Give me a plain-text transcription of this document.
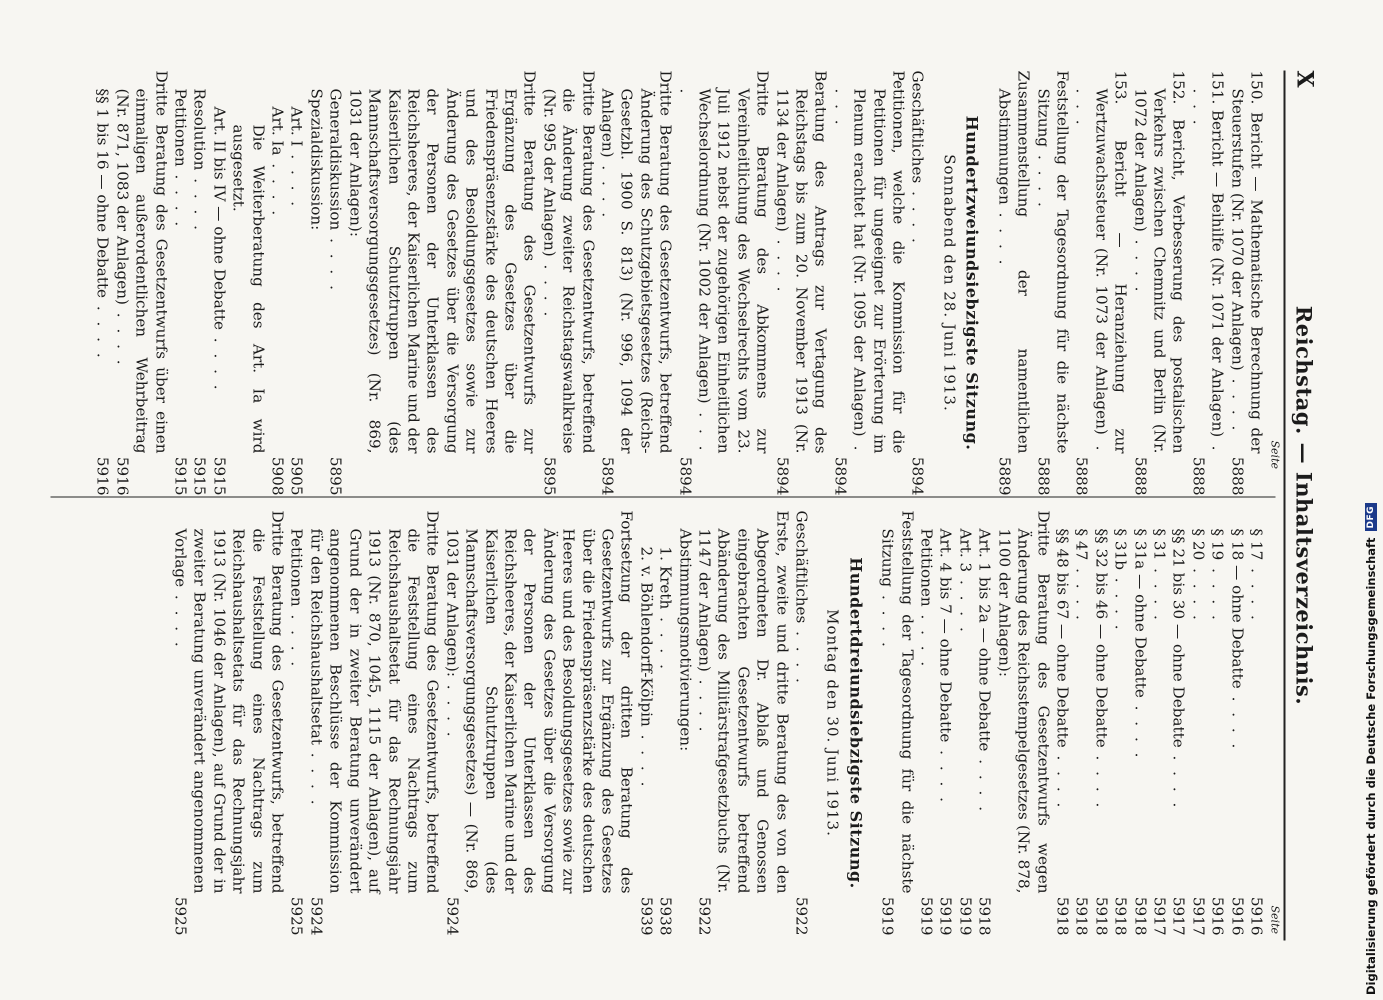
X
Reichstag. — Inhaltsverzeichnis.
Seite
Seite
150. Bericht — Mathematische Berechnung der Steuerstufen (Nr. 1070 der Anlagen) . . . .
5888
151. Bericht — Beihilfe (Nr. 1071 der Anlagen) . . . .
5888
152. Bericht, Verbesserung des postalischen Verkehrs zwischen Chemnitz und Berlin (Nr. 1072 der Anlagen) . . . .
5888
153. Bericht — Heranziehung zur Wertzuwachssteuer (Nr. 1073 der Anlagen) . . . .
5888
Feststellung der Tagesordnung für die nächste Sitzung . . . .
5888
Zusammenstellung der namentlichen Abstimmungen . . . .
5889
Hundertzweiundsiebzigste Sitzung.
Sonnabend den 28. Juni 1913.
Geschäftliches . . . .
5894
Petitionen, welche die Kommission für die Petitionen für ungeeignet zur Erörterung im Plenum erachtet hat (Nr. 1095 der Anlagen) . . . .
5894
Beratung des Antrags zur Vertagung des Reichstags bis zum 20. November 1913 (Nr. 1134 der Anlagen) . . . .
5894
Dritte Beratung des Abkommens zur Vereinheitlichung des Wechselrechts vom 23. Juli 1912 nebst der zugehörigen Einheitlichen Wechselordnung (Nr. 1002 der Anlagen) . . . .
5894
Dritte Beratung des Gesetzentwurfs, betreffend Änderung des Schutzgebietsgesetzes (Reichs-Gesetzbl. 1900 S. 813) (Nr. 996, 1094 der Anlagen) . . . .
5894
Dritte Beratung des Gesetzentwurfs, betreffend die Änderung zweiter Reichstagswahlkreise (Nr. 995 der Anlagen) . . . .
5895
Dritte Beratung des Gesetzentwurfs zur Ergänzung des Gesetzes über die Friedenspräsenzstärke des deutschen Heeres und des Besoldungsgesetzes sowie zur Änderung des Gesetzes über die Versorgung der Personen der Unterklassen des Reichsheeres, der Kaiserlichen Marine und der Kaiserlichen Schutztruppen (des Mannschaftsversorgungsgesetzes) (Nr. 869, 1031 der Anlagen):
Generaldiskussion . . . .
5895
Spezialdiskussion:
Art. I . . . .
5905
Art. Ia . . . .
5908
Die Weiterberatung des Art. Ia wird ausgesetzt.
Art. II bis IV — ohne Debatte . . . .
5915
Resolution . . . .
5915
Petitionen . . . .
5915
Dritte Beratung des Gesetzentwurfs über einen einmaligen außerordentlichen Wehrbeitrag (Nr. 871, 1083 der Anlagen) . . . .
5916
§§ 1 bis 16 — ohne Debatte . . . .
5916
§ 17 . . . .
5916
§ 18 — ohne Debatte . . . .
5916
§ 19 . . . .
5916
§ 20 . . . .
5917
§§ 21 bis 30 — ohne Debatte . . . .
5917
§ 31 . . . .
5917
§ 31a — ohne Debatte . . . .
5918
§ 31b . . . .
5918
§§ 32 bis 46 — ohne Debatte . . . .
5918
§ 47 . . . .
5918
§§ 48 bis 67 — ohne Debatte . . . .
5918
Dritte Beratung des Gesetzentwurfs wegen Änderung des Reichsstempelgesetzes (Nr. 878, 1100 der Anlagen):
Art. 1 bis 2a — ohne Debatte . . . .
5918
Art. 3 . . . .
5919
Art. 4 bis 7 — ohne Debatte . . . .
5919
Petitionen . . . .
5919
Feststellung der Tagesordnung für die nächste Sitzung . . . .
5919
Hundertdreiundsiebzigste Sitzung.
Montag den 30. Juni 1913.
Geschäftliches . . . .
5922
Erste, zweite und dritte Beratung des von den Abgeordneten Dr. Ablaß und Genossen eingebrachten Gesetzentwurfs betreffend Abänderung des Militärstrafgesetzbuchs (Nr. 1147 der Anlagen) . . . .
5922
Abstimmungsmotivierungen:
1. Kreth . . . .
5938
2. v. Böhlendorff-Kölpin . . . .
5939
Fortsetzung der dritten Beratung des Gesetzentwurfs zur Ergänzung des Gesetzes über die Friedenspräsenzstärke des deutschen Heeres und des Besoldungsgesetzes sowie zur Änderung des Gesetzes über die Versorgung der Personen der Unterklassen des Reichsheeres, der Kaiserlichen Marine und der Kaiserlichen Schutztruppen (des Mannschaftsversorgungsgesetzes) — (Nr. 869, 1031 der Anlagen): . . . .
5924
Dritte Beratung des Gesetzentwurfs, betreffend die Feststellung eines Nachtrags zum Reichshaushaltsetat für das Rechnungsjahr 1913 (Nr. 870, 1045, 1115 der Anlagen), auf Grund der in zweiter Beratung unverändert angenommenen Beschlüsse der Kommission für den Reichshaushaltsetat . . . .
5924
Petitionen . . . .
5925
Dritte Beratung des Gesetzentwurfs, betreffend die Feststellung eines Nachtrags zum Reichshaushaltsetats für das Rechnungsjahr 1913 (Nr. 1046 der Anlagen), auf Grund der in zweiter Beratung unverändert angenommenen Vorlage . . . .
5925	Digitalisierung gefördert durch die Deutsche Forschungsgemeinschaft
DFG
